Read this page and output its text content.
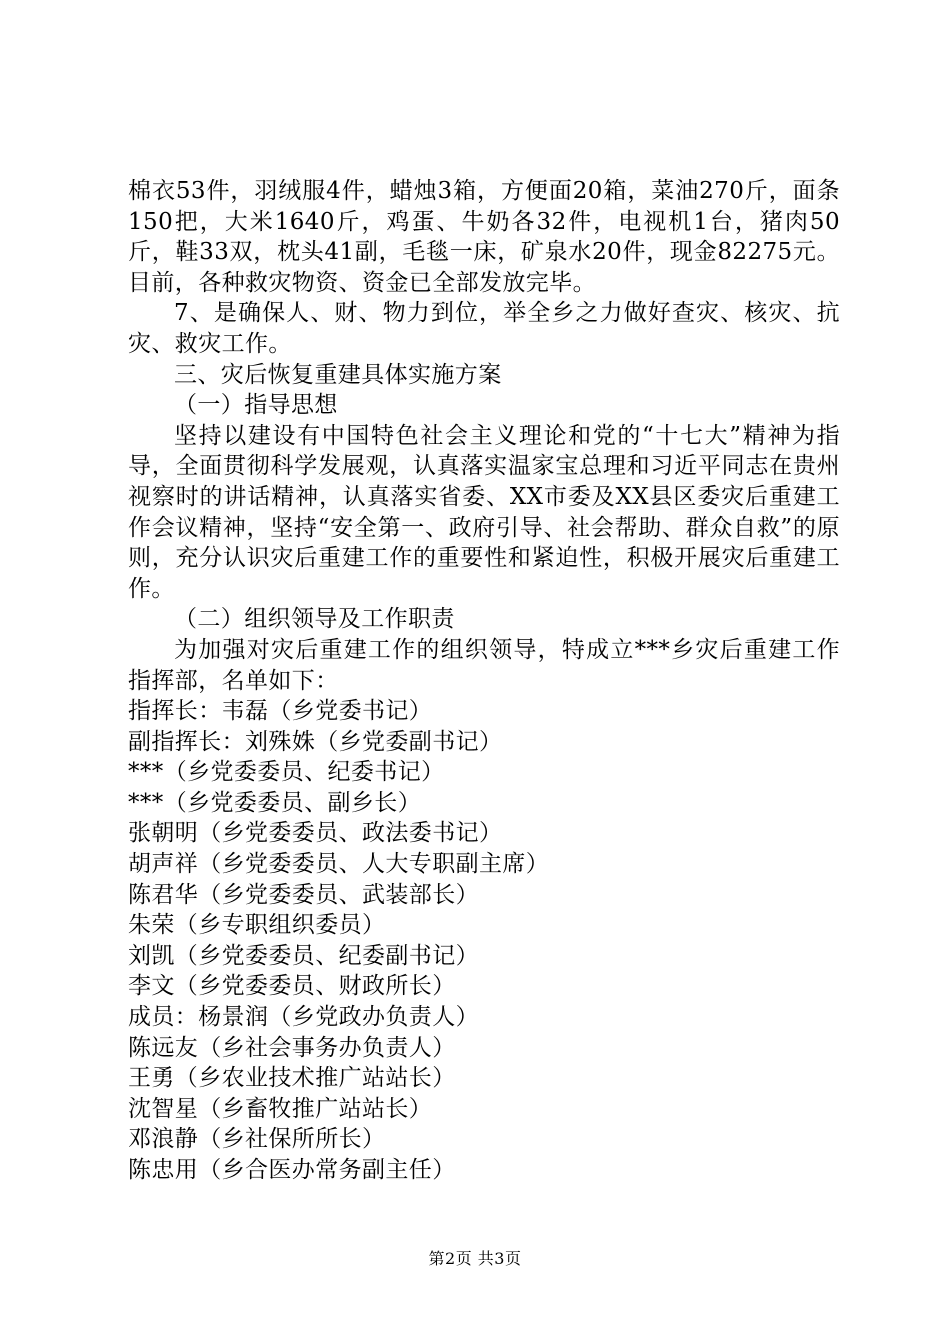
棉衣53件，羽绒服4件，蜡烛3箱，方便面20箱，菜油270斤，面条150把，大米1640斤，鸡蛋、牛奶各32件，电视机1台，猪肉50斤，鞋33双，枕头41副，毛毯一床，矿泉水20件，现金82275元。目前，各种救灾物资、资金已全部发放完毕。

7、是确保人、财、物力到位，举全乡之力做好查灾、核灾、抗灾、救灾工作。

三、灾后恢复重建具体实施方案

（一）指导思想

坚持以建设有中国特色社会主义理论和党的“十七大”精神为指导，全面贯彻科学发展观，认真落实温家宝总理和习近平同志在贵州视察时的讲话精神，认真落实省委、XX市委及XX县区委灾后重建工作会议精神，坚持“安全第一、政府引导、社会帮助、群众自救”的原则，充分认识灾后重建工作的重要性和紧迫性，积极开展灾后重建工作。

（二）组织领导及工作职责

为加强对灾后重建工作的组织领导，特成立***乡灾后重建工作指挥部，名单如下：

指挥长：韦磊（乡党委书记）

副指挥长：刘殊姝（乡党委副书记）

***（乡党委委员、纪委书记）

***（乡党委委员、副乡长）

张朝明（乡党委委员、政法委书记）

胡声祥（乡党委委员、人大专职副主席）

陈君华（乡党委委员、武装部长）

朱荣（乡专职组织委员）

刘凯（乡党委委员、纪委副书记）

李文（乡党委委员、财政所长）

成员：杨景润（乡党政办负责人）

陈远友（乡社会事务办负责人）

王勇（乡农业技术推广站站长）

沈智星（乡畜牧推广站站长）

邓浪静（乡社保所所长）

陈忠用（乡合医办常务副主任）

第2页 共3页
